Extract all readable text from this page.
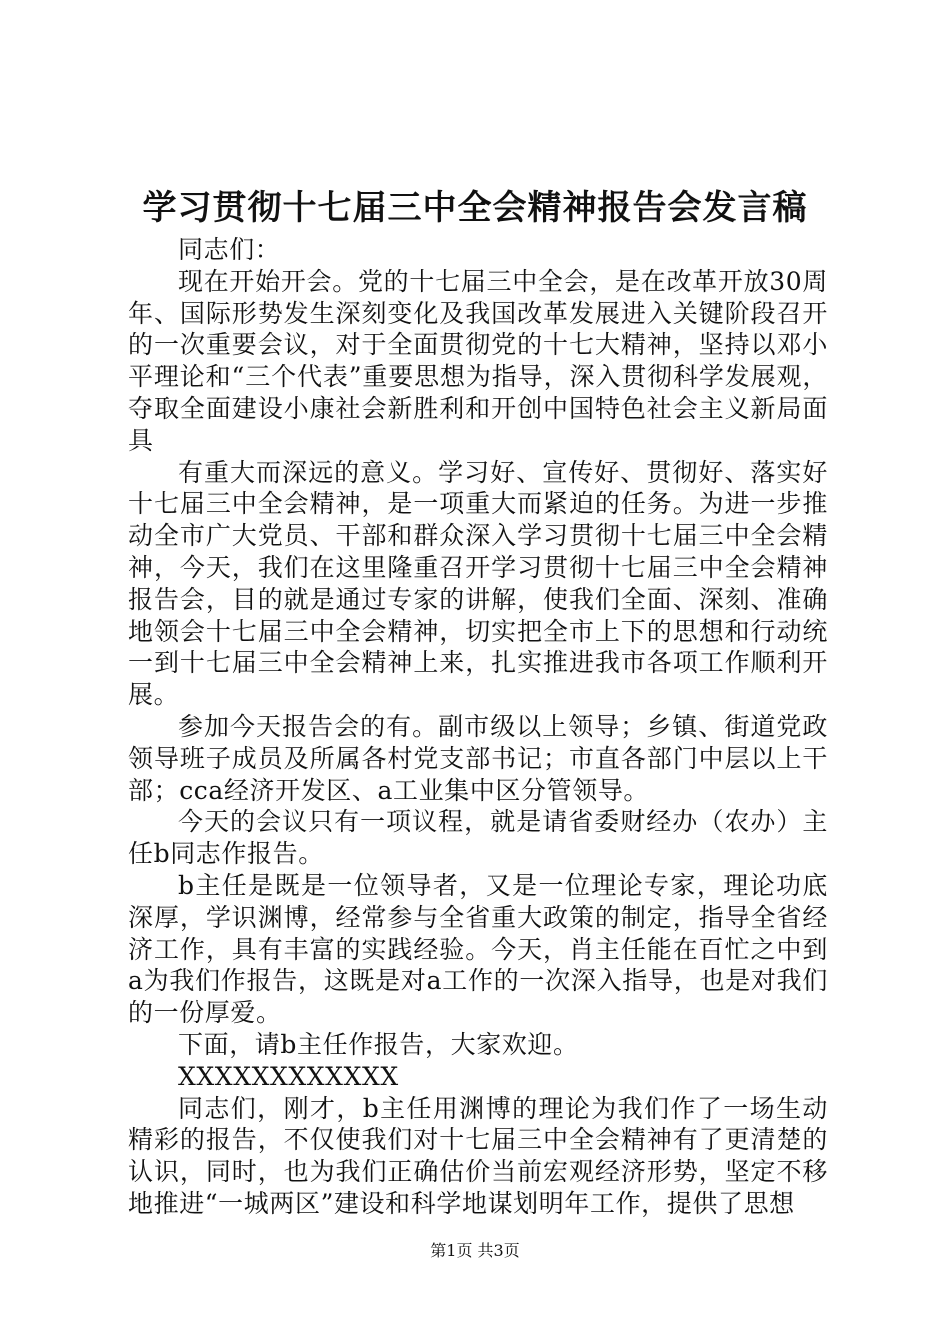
学习贯彻十七届三中全会精神报告会发言稿

同志们：

现在开始开会。党的十七届三中全会，是在改革开放30周年、国际形势发生深刻变化及我国改革发展进入关键阶段召开的一次重要会议，对于全面贯彻党的十七大精神，坚持以邓小平理论和“三个代表”重要思想为指导，深入贯彻科学发展观，夺取全面建设小康社会新胜利和开创中国特色社会主义新局面具

有重大而深远的意义。学习好、宣传好、贯彻好、落实好十七届三中全会精神，是一项重大而紧迫的任务。为进一步推动全市广大党员、干部和群众深入学习贯彻十七届三中全会精神，今天，我们在这里隆重召开学习贯彻十七届三中全会精神报告会，目的就是通过专家的讲解，使我们全面、深刻、准确地领会十七届三中全会精神，切实把全市上下的思想和行动统一到十七届三中全会精神上来，扎实推进我市各项工作顺利开展。

参加今天报告会的有。副市级以上领导；乡镇、街道党政领导班子成员及所属各村党支部书记；市直各部门中层以上干部；cca经济开发区、a工业集中区分管领导。

今天的会议只有一项议程，就是请省委财经办（农办）主任b同志作报告。

b主任是既是一位领导者，又是一位理论专家，理论功底深厚，学识渊博，经常参与全省重大政策的制定，指导全省经济工作，具有丰富的实践经验。今天，肖主任能在百忙之中到a为我们作报告，这既是对a工作的一次深入指导，也是对我们的一份厚爱。

下面，请b主任作报告，大家欢迎。

XXXXXXXXXXXX

同志们，刚才，b主任用渊博的理论为我们作了一场生动精彩的报告，不仅使我们对十七届三中全会精神有了更清楚的认识，同时，也为我们正确估价当前宏观经济形势，坚定不移地推进“一城两区”建设和科学地谋划明年工作，提供了思想

第1页 共3页
